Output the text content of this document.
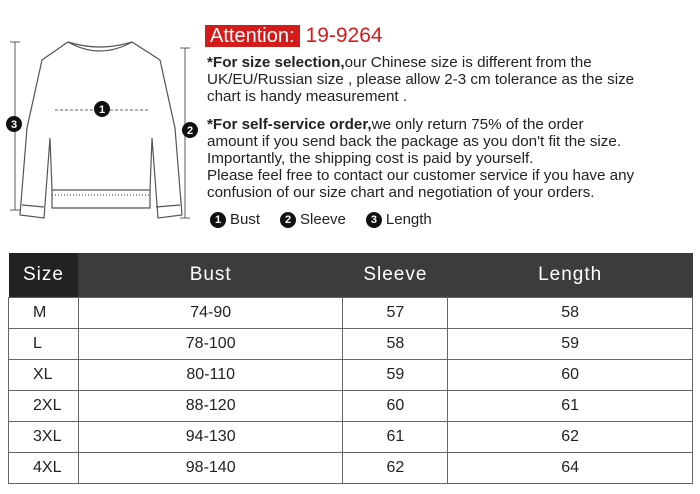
1
2
3
Attention: 19-9264
*For size selection,our Chinese size is different from the
UK/EU/Russian size , please allow 2-3 cm tolerance as the size
chart is handy measurement .
*For self-service order,we only return 75% of the order
amount if you send back the package as you don't fit the size.
Importantly, the shipping cost is paid by yourself.
Please feel free to contact our customer service if you have any
confusion of our size chart and negotiation of your orders.
1 Bust	2 Sleeve	3 Length
Size	Bust	Sleeve	Length
M	74-90	57	58
L	78-100	58	59
XL	80-110	59	60
2XL	88-120	60	61
3XL	94-130	61	62
4XL	98-140	62	64
